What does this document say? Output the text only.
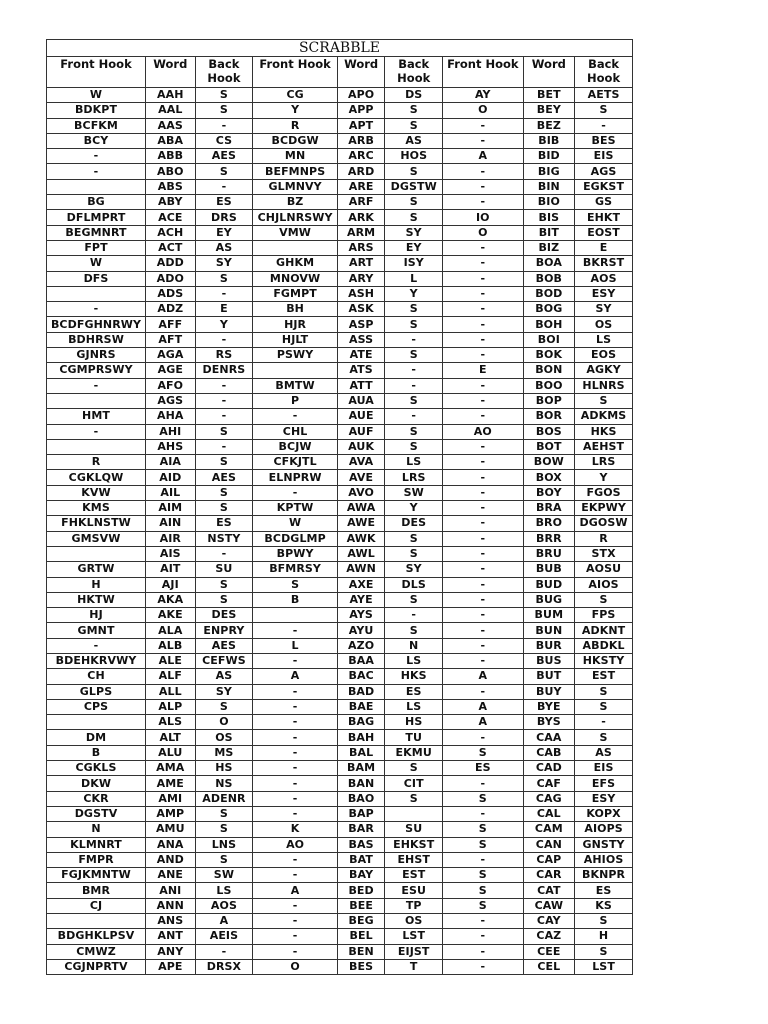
SCRABBLE								
Front Hook	Word	Back Hook	Front Hook	Word	Back Hook	Front Hook	Word	Back Hook
W	AAH	S	CG	APO	DS	AY	BET	AETS
BDKPT	AAL	S	Y	APP	S	O	BEY	S
BCFKM	AAS	-	R	APT	S	-	BEZ	-
BCY	ABA	CS	BCDGW	ARB	AS	-	BIB	BES
-	ABB	AES	MN	ARC	HOS	A	BID	EIS
-	ABO	S	BEFMNPS	ARD	S	-	BIG	AGS
	ABS	-	GLMNVY	ARE	DGSTW	-	BIN	EGKST
BG	ABY	ES	BZ	ARF	S	-	BIO	GS
DFLMPRT	ACE	DRS	CHJLNRSWY	ARK	S	IO	BIS	EHKT
BEGMNRT	ACH	EY	VMW	ARM	SY	O	BIT	EOST
FPT	ACT	AS		ARS	EY	-	BIZ	E
W	ADD	SY	GHKM	ART	ISY	-	BOA	BKRST
DFS	ADO	S	MNOVW	ARY	L	-	BOB	AOS
	ADS	-	FGMPT	ASH	Y	-	BOD	ESY
-	ADZ	E	BH	ASK	S	-	BOG	SY
BCDFGHNRWY	AFF	Y	HJR	ASP	S	-	BOH	OS
BDHRSW	AFT	-	HJLT	ASS	-	-	BOI	LS
GJNRS	AGA	RS	PSWY	ATE	S	-	BOK	EOS
CGMPRSWY	AGE	DENRS		ATS	-	E	BON	AGKY
-	AFO	-	BMTW	ATT	-	-	BOO	HLNRS
	AGS	-	P	AUA	S	-	BOP	S
HMT	AHA	-	-	AUE	-	-	BOR	ADKMS
-	AHI	S	CHL	AUF	S	AO	BOS	HKS
	AHS	-	BCJW	AUK	S	-	BOT	AEHST
R	AIA	S	CFKJTL	AVA	LS	-	BOW	LRS
CGKLQW	AID	AES	ELNPRW	AVE	LRS	-	BOX	Y
KVW	AIL	S	-	AVO	SW	-	BOY	FGOS
KMS	AIM	S	KPTW	AWA	Y	-	BRA	EKPWY
FHKLNSTW	AIN	ES	W	AWE	DES	-	BRO	DGOSW
GMSVW	AIR	NSTY	BCDGLMP	AWK	S	-	BRR	R
	AIS	-	BPWY	AWL	S	-	BRU	STX
GRTW	AIT	SU	BFMRSY	AWN	SY	-	BUB	AOSU
H	AJI	S	S	AXE	DLS	-	BUD	AIOS
HKTW	AKA	S	B	AYE	S	-	BUG	S
HJ	AKE	DES		AYS	-	-	BUM	FPS
GMNT	ALA	ENPRY	-	AYU	S	-	BUN	ADKNT
-	ALB	AES	L	AZO	N	-	BUR	ABDKL
BDEHKRVWY	ALE	CEFWS	-	BAA	LS	-	BUS	HKSTY
CH	ALF	AS	A	BAC	HKS	A	BUT	EST
GLPS	ALL	SY	-	BAD	ES	-	BUY	S
CPS	ALP	S	-	BAE	LS	A	BYE	S
	ALS	O	-	BAG	HS	A	BYS	-
DM	ALT	OS	-	BAH	TU	-	CAA	S
B	ALU	MS	-	BAL	EKMU	S	CAB	AS
CGKLS	AMA	HS	-	BAM	S	ES	CAD	EIS
DKW	AME	NS	-	BAN	CIT	-	CAF	EFS
CKR	AMI	ADENR	-	BAO	S	S	CAG	ESY
DGSTV	AMP	S	-	BAP		-	CAL	KOPX
N	AMU	S	K	BAR	SU	S	CAM	AIOPS
KLMNRT	ANA	LNS	AO	BAS	EHKST	S	CAN	GNSTY
FMPR	AND	S	-	BAT	EHST	-	CAP	AHIOS
FGJKMNTW	ANE	SW	-	BAY	EST	S	CAR	BKNPR
BMR	ANI	LS	A	BED	ESU	S	CAT	ES
CJ	ANN	AOS	-	BEE	TP	S	CAW	KS
	ANS	A	-	BEG	OS	-	CAY	S
BDGHKLPSV	ANT	AEIS	-	BEL	LST	-	CAZ	H
CMWZ	ANY	-	-	BEN	EIJST	-	CEE	S
CGJNPRTV	APE	DRSX	O	BES	T	-	CEL	LST
